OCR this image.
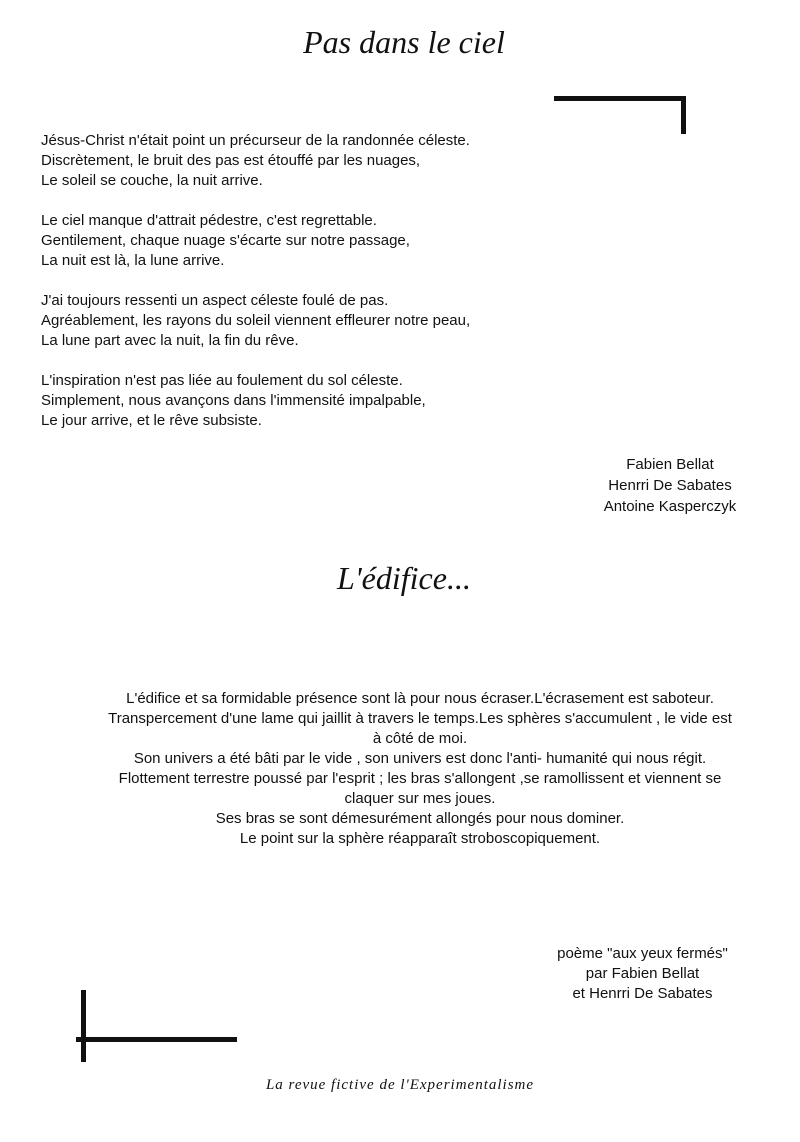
Pas dans le ciel
Jésus-Christ n'était point un précurseur de la randonnée céleste.
Discrètement, le bruit des pas est étouffé par les nuages,
Le soleil se couche, la nuit arrive.
Le ciel manque d'attrait pédestre, c'est regrettable.
Gentilement, chaque nuage s'écarte sur notre passage,
La nuit est là, la lune arrive.
J'ai toujours ressenti un aspect céleste foulé de pas.
Agréablement, les rayons du soleil viennent effleurer notre peau,
La lune part avec la nuit, la fin du rêve.
L'inspiration n'est pas liée au foulement du sol céleste.
Simplement, nous avançons dans l'immensité impalpable,
Le jour arrive, et le rêve subsiste.
Fabien Bellat
Henrri De Sabates
Antoine Kasperczyk
L'édifice...
L'édifice et sa formidable présence sont là pour nous écraser.L'écrasement est saboteur.
Transpercement d'une lame qui jaillit à travers le temps.Les sphères s'accumulent , le vide est
à côté de moi.
Son univers a été bâti par le vide , son univers est donc l'anti- humanité qui nous régit.
Flottement terrestre poussé par l'esprit ; les bras s'allongent ,se ramollissent et viennent se
claquer sur mes joues.
Ses bras se sont démesurément allongés pour nous dominer.
Le point sur la sphère réapparaît stroboscopiquement.
poème "aux yeux fermés"
par Fabien Bellat
et Henrri De Sabates
La revue fictive de l'Experimentalisme
